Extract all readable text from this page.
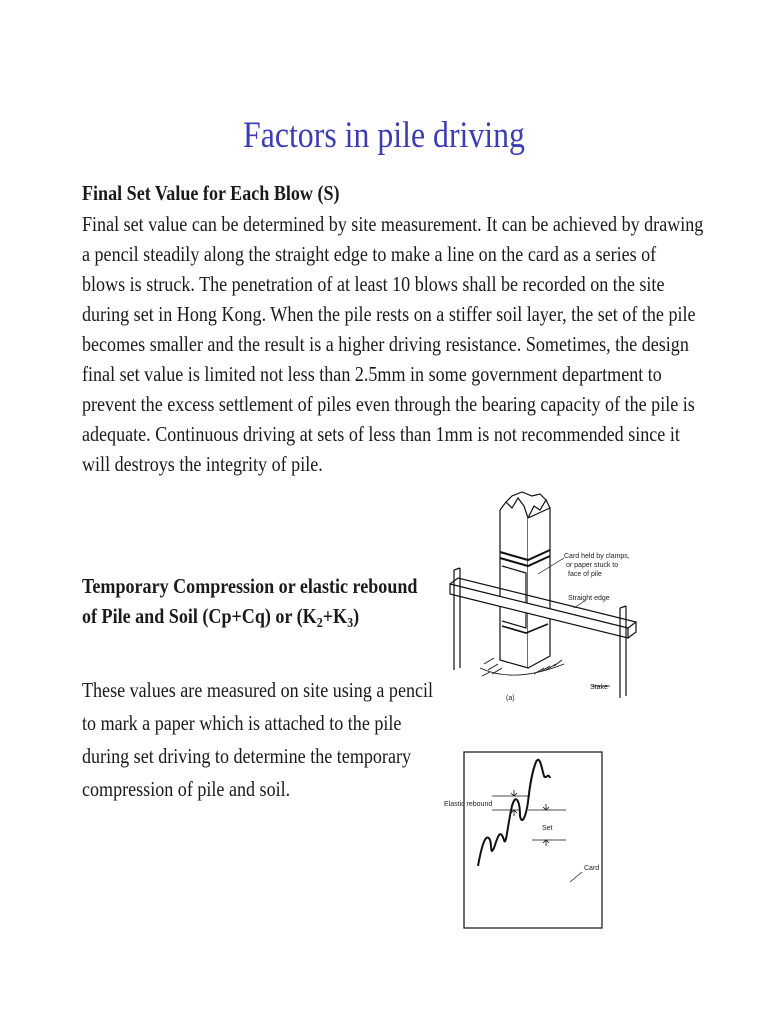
Factors in pile driving
Final Set Value for Each Blow (S)
Final set value can be determined by site measurement. It can be achieved by drawing
a pencil steadily along the straight edge to make a line on the card as a series of
blows is struck. The penetration of at least 10 blows shall be recorded on the site
during set in Hong Kong. When the pile rests on a stiffer soil layer, the set of the pile
becomes smaller and the result is a higher driving resistance. Sometimes, the design
final set value is limited not less than 2.5mm in some government department to
prevent the excess settlement of piles even through the bearing capacity of the pile is
adequate. Continuous driving at sets of less than 1mm is not recommended since it
will destroys the integrity of pile.
Temporary Compression or elastic rebound
of Pile and Soil (Cp+Cq) or $(K_2+K_3)$
These values are measured on site using a pencil
to mark a paper which is attached to the pile
during set driving to determine the temporary
compression of pile and soil.
Card held by clamps,
or paper stuck to
face of pile
Straight edge
Stake
(a)
Elastic rebound
Set
Card
